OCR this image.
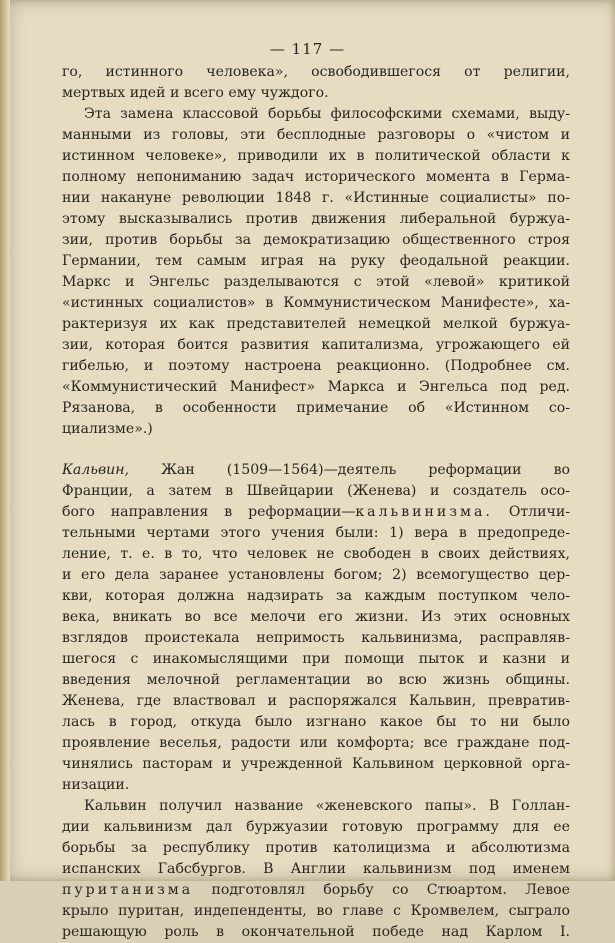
— 117 —
го, истинного человека», освободившегося от религии,
мертвых идей и всего ему чуждого.
Эта замена классовой борьбы философскими схемами, выду-
манными из головы, эти бесплодные разговоры о «чистом и
истинном человеке», приводили их в политической области к
полному непониманию задач исторического момента в Герма-
нии накануне революции 1848 г. «Истинные социалисты» по-
этому высказывались против движения либеральной буржуа-
зии, против борьбы за демократизацию общественного строя
Германии, тем самым играя на руку феодальной реакции.
Маркс и Энгельс разделываются с этой «левой» критикой
«истинных социалистов» в Коммунистическом Манифесте», ха-
рактеризуя их как представителей немецкой мелкой буржуа-
зии, которая боится развития капитализма, угрожающего ей
гибелью, и поэтому настроена реакционно. (Подробнее см.
«Коммунистический Манифест» Маркса и Энгельса под ред.
Рязанова, в особенности примечание об «Истинном со-
циализме».)
Кальвин, Жан (1509—1564)—деятель реформации во
Франции, а затем в Швейцарии (Женева) и создатель осо-
бого направления в реформации—кальвинизма. Отличи-
тельными чертами этого учения были: 1) вера в предопреде-
ление, т. е. в то, что человек не свободен в своих действиях,
и его дела заранее установлены богом; 2) всемогущество цер-
кви, которая должна надзирать за каждым поступком чело-
века, вникать во все мелочи его жизни. Из этих основных
взглядов проистекала непримость кальвинизма, расправляв-
шегося с инакомыслящими при помощи пыток и казни и
введения мелочной регламентации во всю жизнь общины.
Женева, где властвовал и распоряжался Кальвин, превратив-
лась в город, откуда было изгнано какое бы то ни было
проявление веселья, радости или комфорта; все граждане под-
чинялись пасторам и учрежденной Кальвином церковной орга-
низации.
Кальвин получил название «женевского папы». В Голлан-
дии кальвинизм дал буржуазии готовую программу для ее
борьбы за республику против католицизма и абсолютизма
испанских Габсбургов. В Англии кальвинизм под именем
пуританизма подготовлял борьбу со Стюартом. Левое
крыло пуритан, индепенденты, во главе с Кромвелем, сыграло
решающую роль в окончательной победе над Карлом I.
